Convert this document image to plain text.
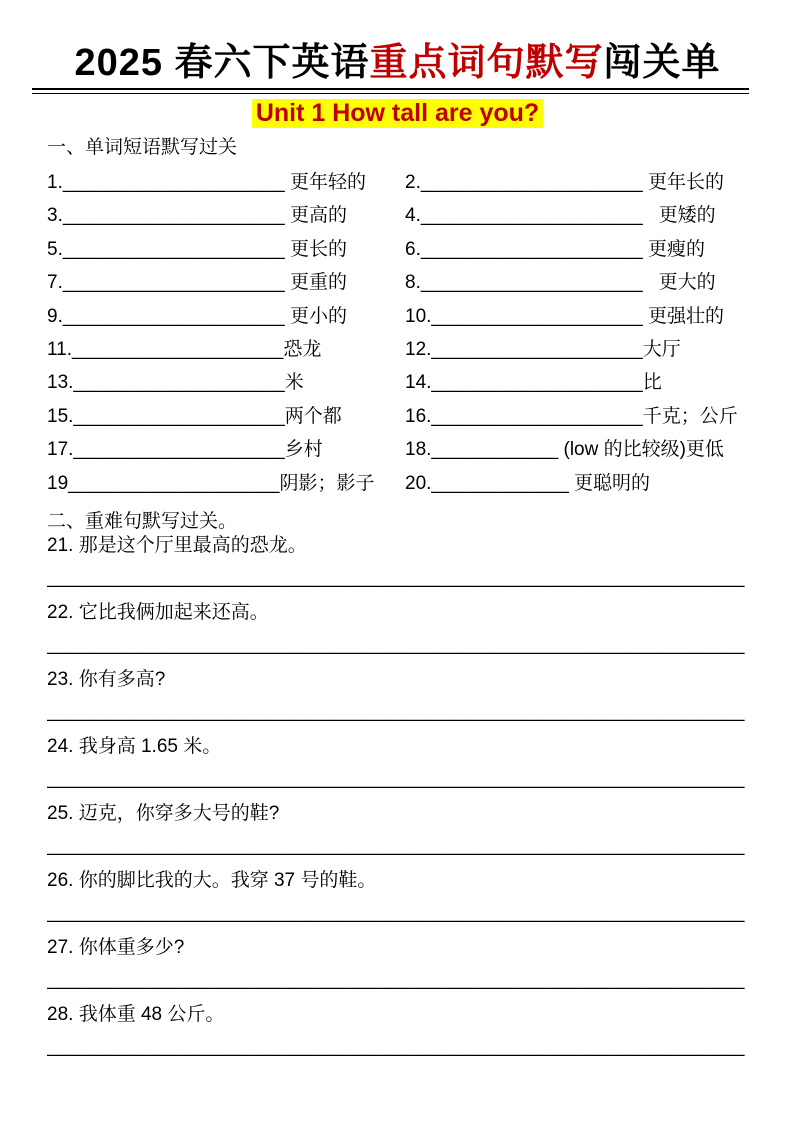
2025 春六下英语重点词句默写闯关单
Unit 1 How tall are you?
一、单词短语默写过关
1._____________________ 更年轻的	2._____________________ 更年长的
3._____________________ 更高的	4._____________________   更矮的
5._____________________ 更长的	6._____________________ 更瘦的
7._____________________ 更重的	8._____________________   更大的
9._____________________ 更小的	10.____________________ 更强壮的
11.____________________恐龙	12.____________________大厅
13.____________________米	14.____________________比
15.____________________两个都	16.____________________千克；公斤
17.____________________乡村	18.____________ (low 的比较级)更低
19____________________阴影；影子	20._____________ 更聪明的
二、重难句默写过关。
21. 那是这个厅里最高的恐龙。
__________________________________________________________________
22. 它比我俩加起来还高。
__________________________________________________________________
23. 你有多高?
__________________________________________________________________
24. 我身高 1.65 米。
__________________________________________________________________
25. 迈克，你穿多大号的鞋?
__________________________________________________________________
26. 你的脚比我的大。我穿 37 号的鞋。
__________________________________________________________________
27. 你体重多少?
__________________________________________________________________
28. 我体重 48 公斤。
__________________________________________________________________
